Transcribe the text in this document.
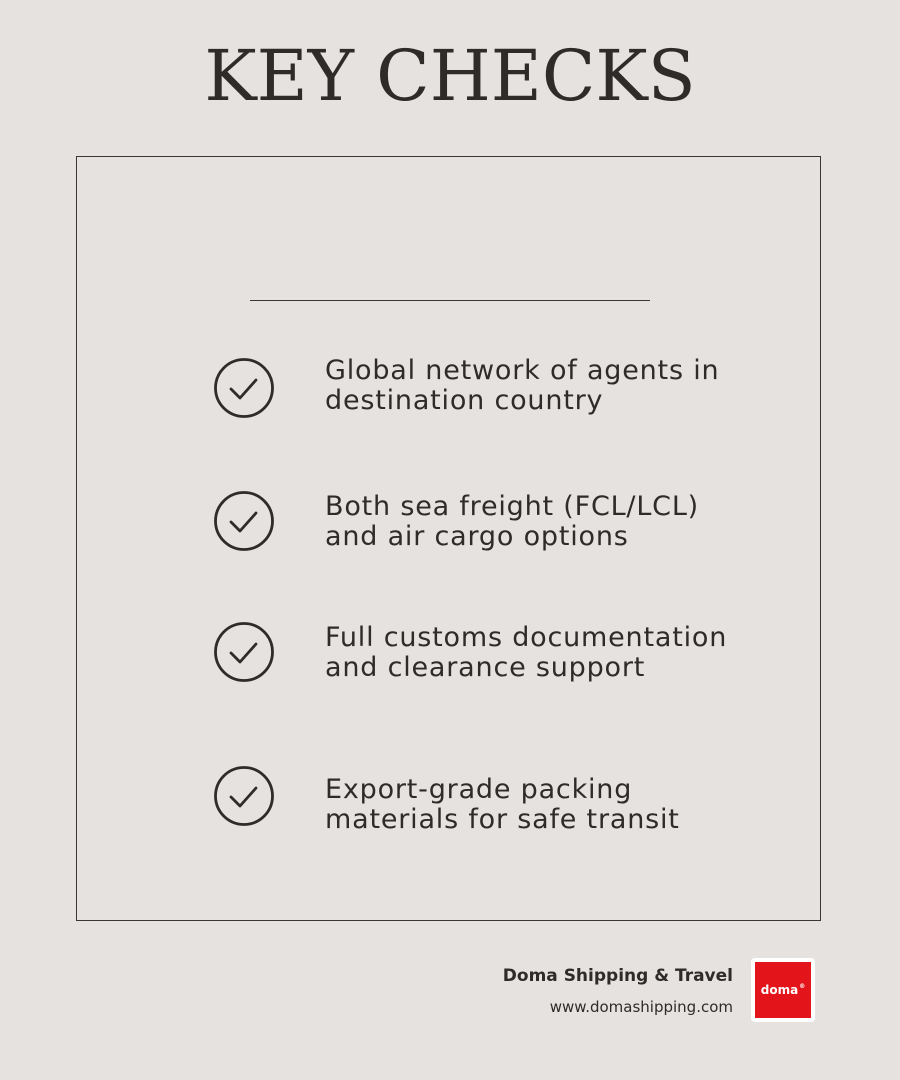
KEY CHECKS
Global network of agents in
destination country
Both sea freight (FCL/LCL)
and air cargo options
Full customs documentation
and clearance support
Export-grade packing
materials for safe transit
Doma Shipping & Travel
www.domashipping.com
doma ®
